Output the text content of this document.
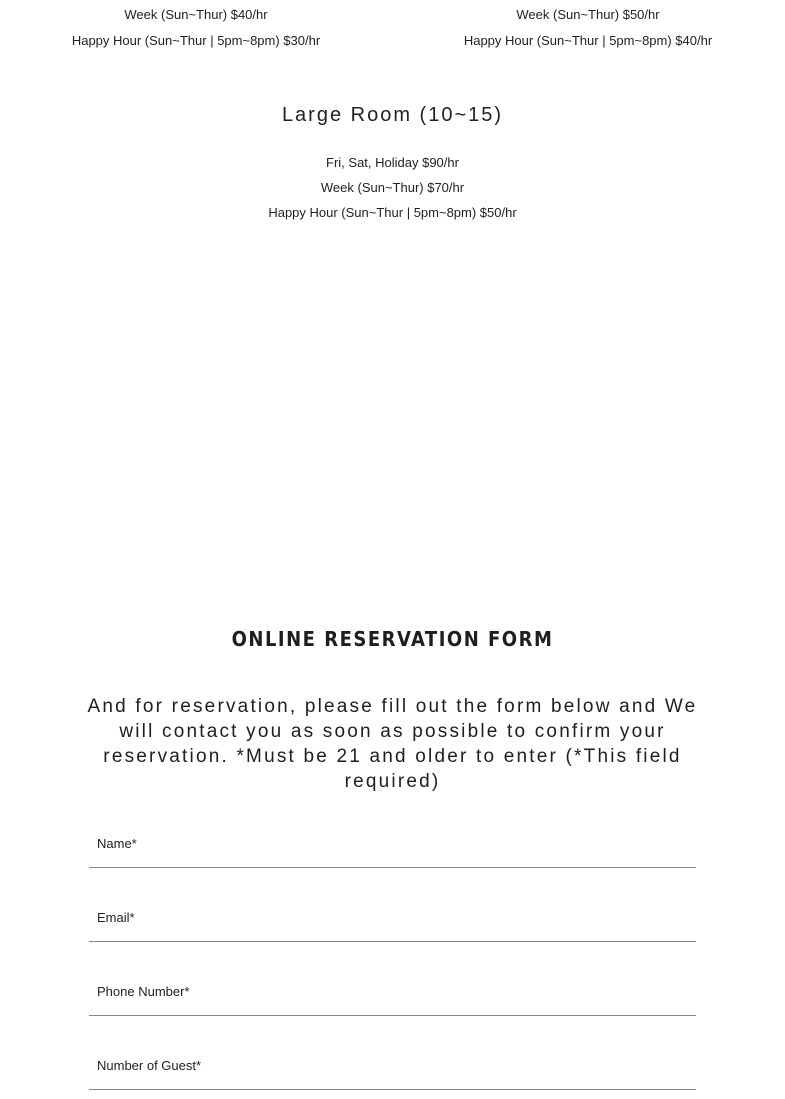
Week (Sun~Thur) $40/hr
Happy Hour (Sun~Thur | 5pm~8pm) $30/hr
Week (Sun~Thur) $50/hr
Happy Hour (Sun~Thur | 5pm~8pm) $40/hr
Large Room (10~15)
Fri, Sat, Holiday $90/hr
Week (Sun~Thur) $70/hr
Happy Hour (Sun~Thur | 5pm~8pm) $50/hr
ONLINE RESERVATION FORM
And for reservation, please fill out the form below and We will contact you as soon as possible to confirm your reservation. *Must be 21 and older to enter (*This field required)
Name*
Email*
Phone Number*
Number of Guest*
